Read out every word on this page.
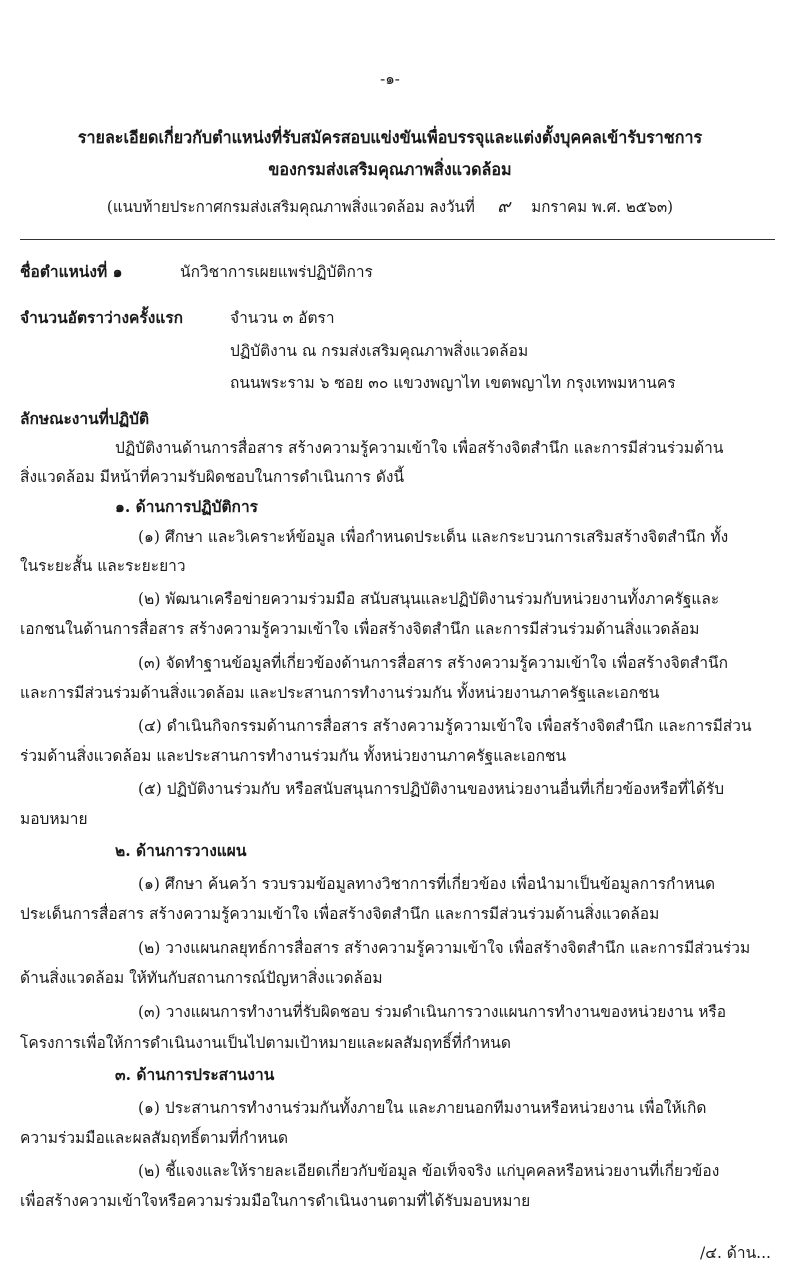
-๑-
รายละเอียดเกี่ยวกับตำแหน่งที่รับสมัครสอบแข่งขันเพื่อบรรจุและแต่งตั้งบุคคลเข้ารับราชการ
ของกรมส่งเสริมคุณภาพสิ่งแวดล้อม
(แนบท้ายประกาศกรมส่งเสริมคุณภาพสิ่งแวดล้อม ลงวันที่ ๙ มกราคม พ.ศ. ๒๕๖๓)
ชื่อตำแหน่งที่ ๑	นักวิชาการเผยแพร่ปฏิบัติการ
จำนวนอัตราว่างครั้งแรก	จำนวน ๓ อัตรา
ปฏิบัติงาน ณ กรมส่งเสริมคุณภาพสิ่งแวดล้อม
ถนนพระราม ๖ ซอย ๓๐ แขวงพญาไท เขตพญาไท กรุงเทพมหานคร
ลักษณะงานที่ปฏิบัติ
ปฏิบัติงานด้านการสื่อสาร สร้างความรู้ความเข้าใจ เพื่อสร้างจิตสำนึก และการมีส่วนร่วมด้าน
สิ่งแวดล้อม มีหน้าที่ความรับผิดชอบในการดำเนินการ ดังนี้
๑. ด้านการปฏิบัติการ
(๑) ศึกษา และวิเคราะห์ข้อมูล เพื่อกำหนดประเด็น และกระบวนการเสริมสร้างจิตสำนึก ทั้ง
ในระยะสั้น และระยะยาว
(๒) พัฒนาเครือข่ายความร่วมมือ สนับสนุนและปฏิบัติงานร่วมกับหน่วยงานทั้งภาครัฐและ
เอกชนในด้านการสื่อสาร สร้างความรู้ความเข้าใจ เพื่อสร้างจิตสำนึก และการมีส่วนร่วมด้านสิ่งแวดล้อม
(๓) จัดทำฐานข้อมูลที่เกี่ยวข้องด้านการสื่อสาร สร้างความรู้ความเข้าใจ เพื่อสร้างจิตสำนึก
และการมีส่วนร่วมด้านสิ่งแวดล้อม และประสานการทำงานร่วมกัน ทั้งหน่วยงานภาครัฐและเอกชน
(๔) ดำเนินกิจกรรมด้านการสื่อสาร สร้างความรู้ความเข้าใจ เพื่อสร้างจิตสำนึก และการมีส่วน
ร่วมด้านสิ่งแวดล้อม และประสานการทำงานร่วมกัน ทั้งหน่วยงานภาครัฐและเอกชน
(๕) ปฏิบัติงานร่วมกับ หรือสนับสนุนการปฏิบัติงานของหน่วยงานอื่นที่เกี่ยวข้องหรือที่ได้รับ
มอบหมาย
๒. ด้านการวางแผน
(๑) ศึกษา ค้นคว้า รวบรวมข้อมูลทางวิชาการที่เกี่ยวข้อง เพื่อนำมาเป็นข้อมูลการกำหนด
ประเด็นการสื่อสาร สร้างความรู้ความเข้าใจ เพื่อสร้างจิตสำนึก และการมีส่วนร่วมด้านสิ่งแวดล้อม
(๒) วางแผนกลยุทธ์การสื่อสาร สร้างความรู้ความเข้าใจ เพื่อสร้างจิตสำนึก และการมีส่วนร่วม
ด้านสิ่งแวดล้อม ให้ทันกับสถานการณ์ปัญหาสิ่งแวดล้อม
(๓) วางแผนการทำงานที่รับผิดชอบ ร่วมดำเนินการวางแผนการทำงานของหน่วยงาน หรือ
โครงการเพื่อให้การดำเนินงานเป็นไปตามเป้าหมายและผลสัมฤทธิ์ที่กำหนด
๓. ด้านการประสานงาน
(๑) ประสานการทำงานร่วมกันทั้งภายใน และภายนอกทีมงานหรือหน่วยงาน เพื่อให้เกิด
ความร่วมมือและผลสัมฤทธิ์ตามที่กำหนด
(๒) ชี้แจงและให้รายละเอียดเกี่ยวกับข้อมูล ข้อเท็จจริง แก่บุคคลหรือหน่วยงานที่เกี่ยวข้อง
เพื่อสร้างความเข้าใจหรือความร่วมมือในการดำเนินงานตามที่ได้รับมอบหมาย
/๔. ด้าน...
